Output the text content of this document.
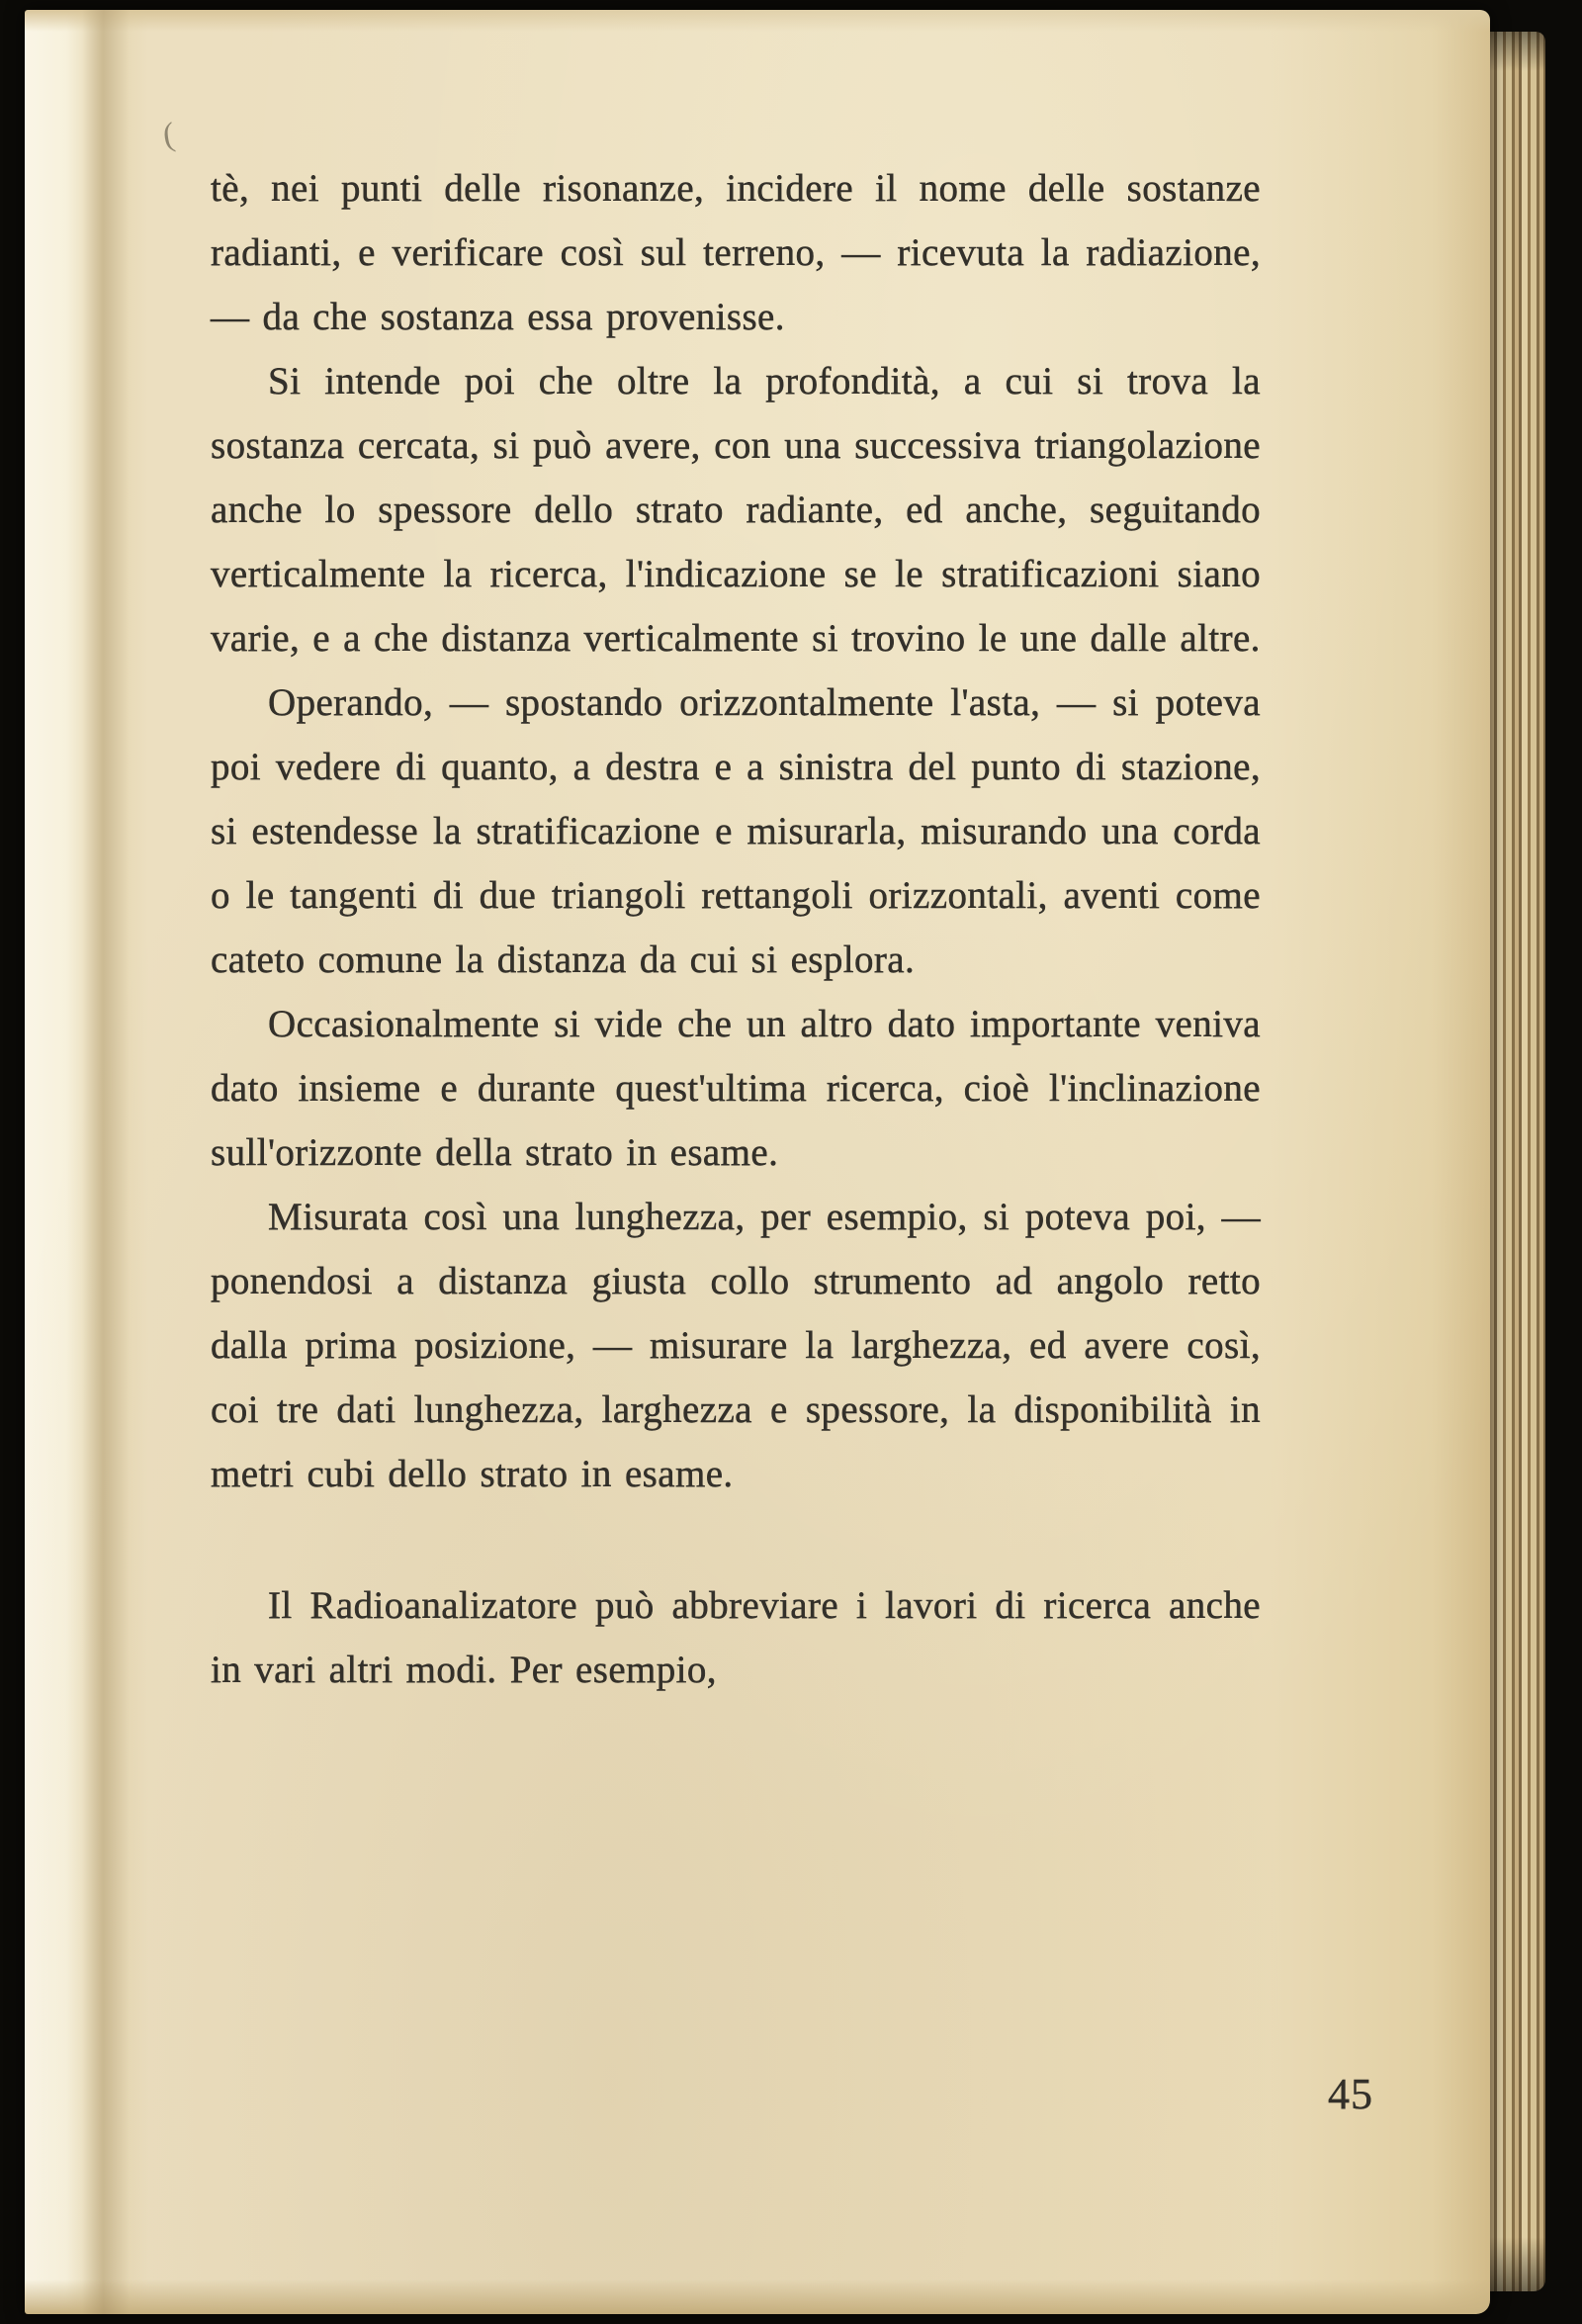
(

tè, nei punti delle risonanze, incidere il nome delle sostanze radianti, e verificare così sul terreno, — ricevuta la radiazione, — da che sostanza essa provenisse.

Si intende poi che oltre la profondità, a cui si trova la sostanza cercata, si può avere, con una successiva triangolazione anche lo spessore dello strato radiante, ed anche, seguitando verticalmente la ricerca, l'indicazione se le stratificazioni siano varie, e a che distanza verticalmente si trovino le une dalle altre.

Operando, — spostando orizzontalmente l'asta, — si poteva poi vedere di quanto, a destra e a sinistra del punto di stazione, si estendesse la stratificazione e misurarla, misurando una corda o le tangenti di due triangoli rettangoli orizzontali, aventi come cateto comune la distanza da cui si esplora.

Occasionalmente si vide che un altro dato importante veniva dato insieme e durante quest'ultima ricerca, cioè l'inclinazione sull'orizzonte della strato in esame.

Misurata così una lunghezza, per esempio, si poteva poi, — ponendosi a distanza giusta collo strumento ad angolo retto dalla prima posizione, — misurare la larghezza, ed avere così, coi tre dati lunghezza, larghezza e spessore, la disponibilità in metri cubi dello strato in esame.

Il Radioanalizatore può abbreviare i lavori di ricerca anche in vari altri modi. Per esempio,

45
